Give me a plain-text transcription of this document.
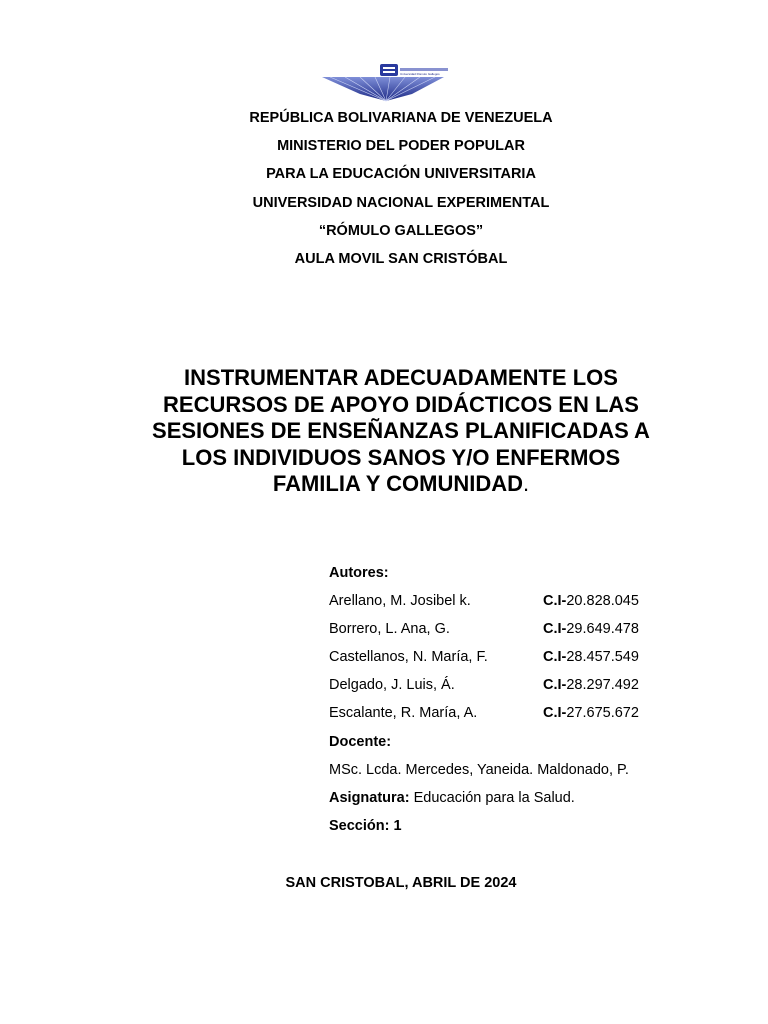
Universidad Rómulo Gallegos
REPÚBLICA BOLIVARIANA DE VENEZUELA
MINISTERIO DEL PODER POPULAR
PARA LA EDUCACIÓN UNIVERSITARIA
UNIVERSIDAD NACIONAL EXPERIMENTAL
“RÓMULO GALLEGOS”
AULA MOVIL SAN CRISTÓBAL
INSTRUMENTAR ADECUADAMENTE LOS
RECURSOS DE APOYO DIDÁCTICOS EN LAS
SESIONES DE ENSEÑANZAS PLANIFICADAS A
LOS INDIVIDUOS SANOS Y/O ENFERMOS
FAMILIA Y COMUNIDAD.
Autores:
Arellano, M. Josibel k.	C.I-20.828.045
Borrero, L. Ana, G.	C.I-29.649.478
Castellanos, N. María, F.	C.I-28.457.549
Delgado, J. Luis, Á.	C.I-28.297.492
Escalante, R. María, A.	C.I-27.675.672
Docente:
MSc. Lcda. Mercedes, Yaneida. Maldonado, P.
Asignatura: Educación para la Salud.
Sección: 1
SAN CRISTOBAL, ABRIL DE 2024
